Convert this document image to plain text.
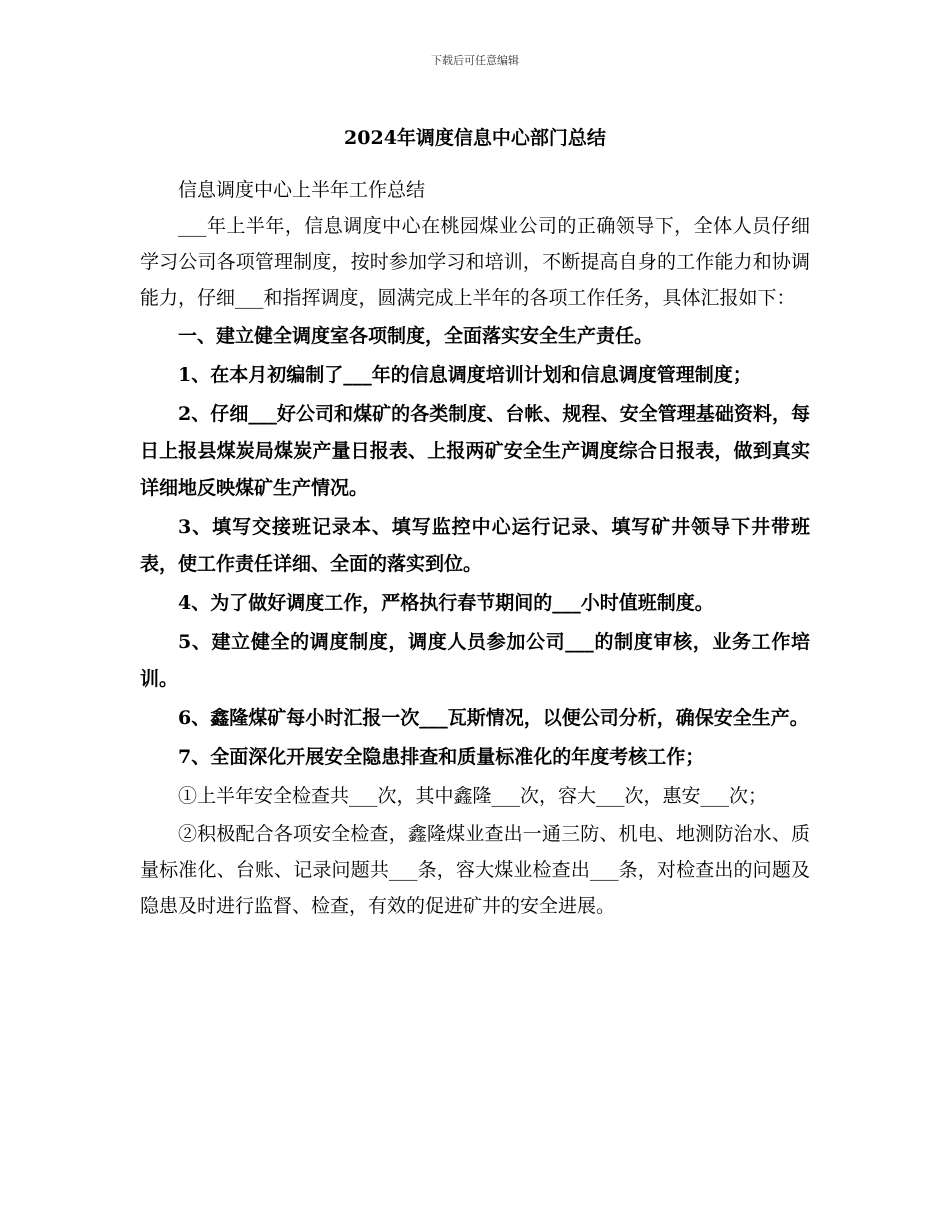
下载后可任意编辑
2024年调度信息中心部门总结

信息调度中心上半年工作总结

___年上半年，信息调度中心在桃园煤业公司的正确领导下，全体人员仔细学习公司各项管理制度，按时参加学习和培训，不断提高自身的工作能力和协调能力，仔细___和指挥调度，圆满完成上半年的各项工作任务，具体汇报如下：

一、建立健全调度室各项制度，全面落实安全生产责任。

1、在本月初编制了___年的信息调度培训计划和信息调度管理制度；

2、仔细___好公司和煤矿的各类制度、台帐、规程、安全管理基础资料，每日上报县煤炭局煤炭产量日报表、上报两矿安全生产调度综合日报表，做到真实详细地反映煤矿生产情况。

3、填写交接班记录本、填写监控中心运行记录、填写矿井领导下井带班表，使工作责任详细、全面的落实到位。

4、为了做好调度工作，严格执行春节期间的___小时值班制度。

5、建立健全的调度制度，调度人员参加公司___的制度审核，业务工作培训。

6、鑫隆煤矿每小时汇报一次___瓦斯情况，以便公司分析，确保安全生产。

7、全面深化开展安全隐患排查和质量标准化的年度考核工作；

①上半年安全检查共___次，其中鑫隆___次，容大___次，惠安___次；

②积极配合各项安全检查，鑫隆煤业查出一通三防、机电、地测防治水、质量标准化、台账、记录问题共___条，容大煤业检查出___条，对检查出的问题及隐患及时进行监督、检查，有效的促进矿井的安全进展。
